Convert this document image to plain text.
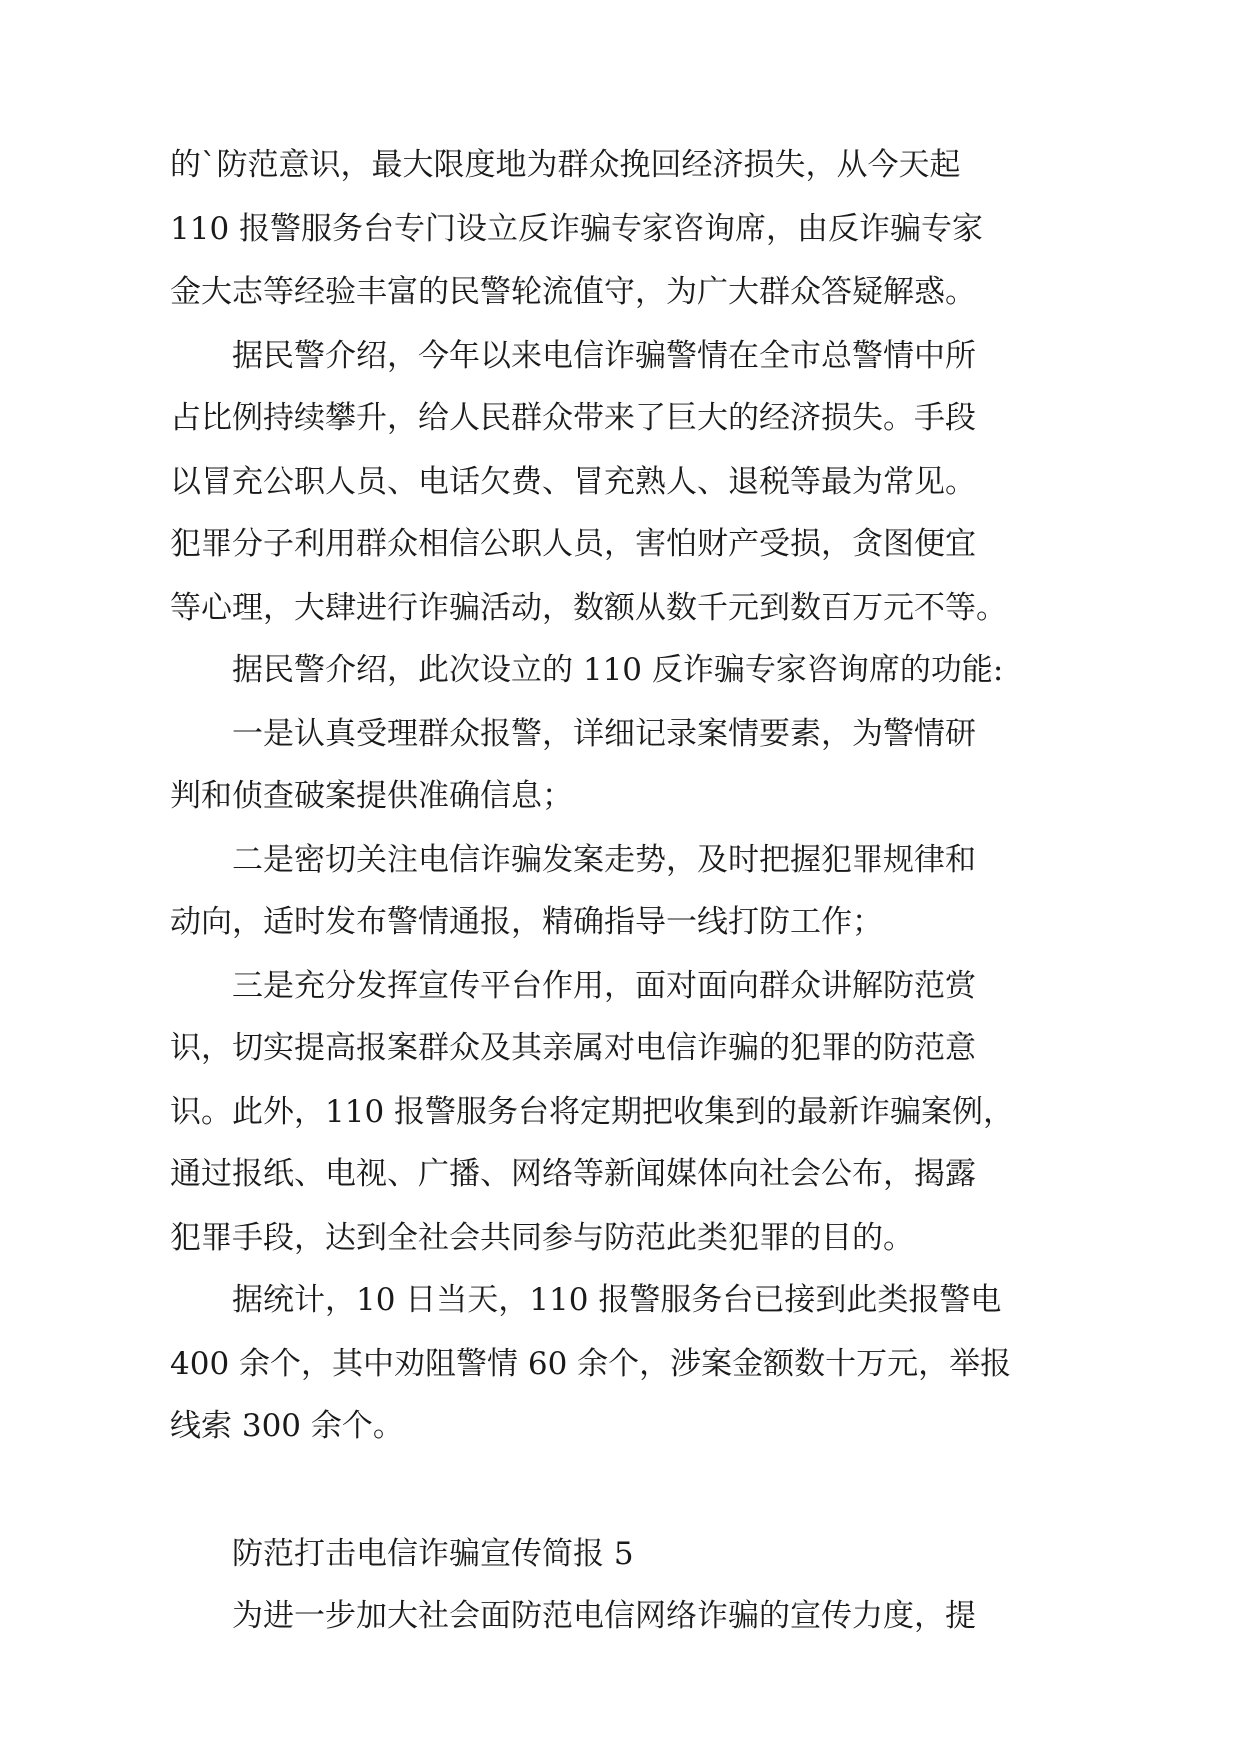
的`防范意识，最大限度地为群众挽回经济损失，从今天起
110 报警服务台专门设立反诈骗专家咨询席，由反诈骗专家
金大志等经验丰富的民警轮流值守，为广大群众答疑解惑。
据民警介绍，今年以来电信诈骗警情在全市总警情中所
占比例持续攀升，给人民群众带来了巨大的经济损失。手段
以冒充公职人员、电话欠费、冒充熟人、退税等最为常见。
犯罪分子利用群众相信公职人员，害怕财产受损，贪图便宜
等心理，大肆进行诈骗活动，数额从数千元到数百万元不等。
据民警介绍，此次设立的 110 反诈骗专家咨询席的功能:
一是认真受理群众报警，详细记录案情要素，为警情研
判和侦查破案提供准确信息；
二是密切关注电信诈骗发案走势，及时把握犯罪规律和
动向，适时发布警情通报，精确指导一线打防工作；
三是充分发挥宣传平台作用，面对面向群众讲解防范赏
识，切实提高报案群众及其亲属对电信诈骗的犯罪的防范意
识。此外，110 报警服务台将定期把收集到的最新诈骗案例，
通过报纸、电视、广播、网络等新闻媒体向社会公布，揭露
犯罪手段，达到全社会共同参与防范此类犯罪的目的。
据统计，10 日当天，110 报警服务台已接到此类报警电
400 余个，其中劝阻警情 60 余个，涉案金额数十万元，举报
线索 300 余个。
防范打击电信诈骗宣传简报 5
为进一步加大社会面防范电信网络诈骗的宣传力度，提
